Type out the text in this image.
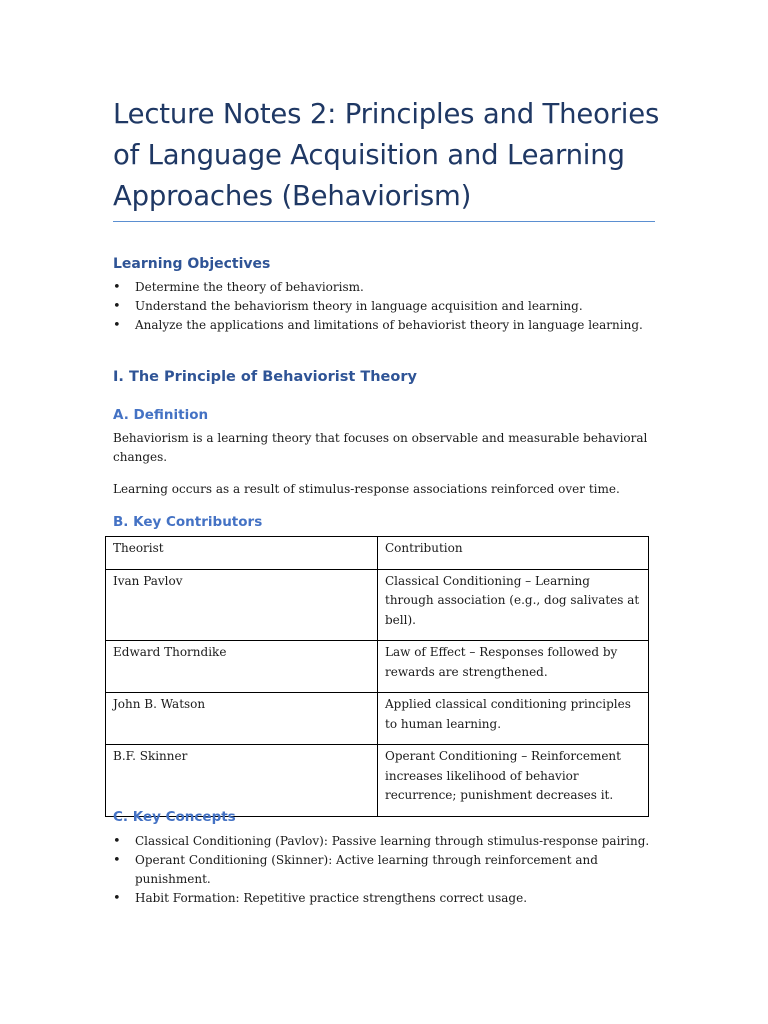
Lecture Notes 2: Principles and Theories of Language Acquisition and Learning Approaches (Behaviorism)
Learning Objectives
• Determine the theory of behaviorism.
• Understand the behaviorism theory in language acquisition and learning.
• Analyze the applications and limitations of behaviorist theory in language learning.
I. The Principle of Behaviorist Theory
A. Definition

Behaviorism is a learning theory that focuses on observable and measurable behavioral changes.

Learning occurs as a result of stimulus-response associations reinforced over time.

B. Key Contributors
Theorist	Contribution
Ivan Pavlov	Classical Conditioning – Learning through association (e.g., dog salivates at bell).
Edward Thorndike	Law of Effect – Responses followed by rewards are strengthened.
John B. Watson	Applied classical conditioning principles to human learning.
B.F. Skinner	Operant Conditioning – Reinforcement increases likelihood of behavior recurrence; punishment decreases it.
C. Key Concepts
• Classical Conditioning (Pavlov): Passive learning through stimulus-response pairing.
• Operant Conditioning (Skinner): Active learning through reinforcement and punishment.
• Habit Formation: Repetitive practice strengthens correct usage.
